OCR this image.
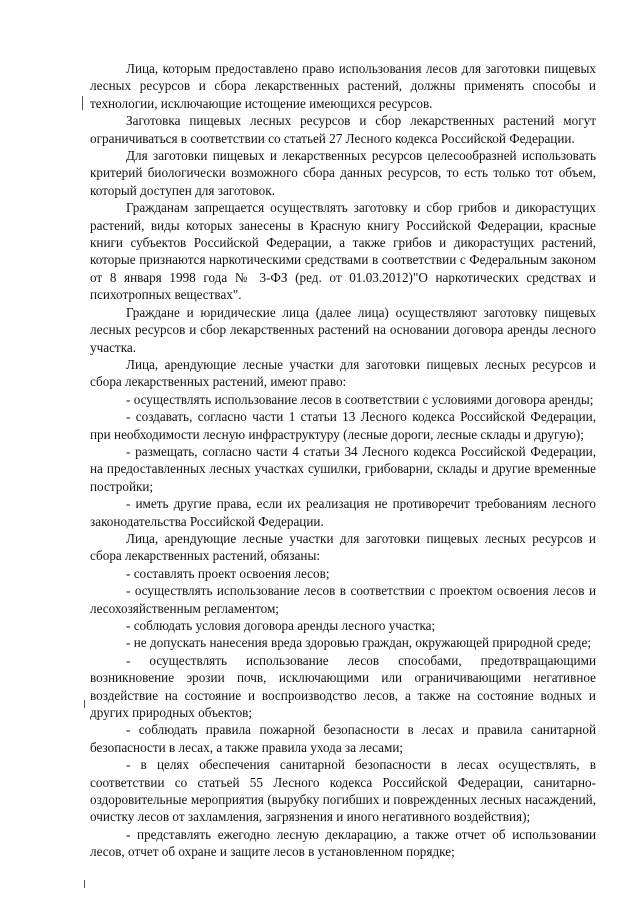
Лица, которым предоставлено право использования лесов для заготовки пищевых лесных ресурсов и сбора лекарственных растений, должны применять способы и технологии, исключающие истощение имеющихся ресурсов.

Заготовка пищевых лесных ресурсов и сбор лекарственных растений могут ограничиваться в соответствии со статьей 27 Лесного кодекса Российской Федерации.

Для заготовки пищевых и лекарственных ресурсов целесообразней использовать критерий биологически возможного сбора данных ресурсов, то есть только тот объем, который доступен для заготовок.

Гражданам запрещается осуществлять заготовку и сбор грибов и дикорастущих растений, виды которых занесены в Красную книгу Российской Федерации, красные книги субъектов Российской Федерации, а также грибов и дикорастущих растений, которые признаются наркотическими средствами в соответствии с Федеральным законом от 8 января 1998 года № 3-ФЗ (ред. от 01.03.2012)"О наркотических средствах и психотропных веществах".

Граждане и юридические лица (далее лица) осуществляют заготовку пищевых лесных ресурсов и сбор лекарственных растений на основании договора аренды лесного участка.

Лица, арендующие лесные участки для заготовки пищевых лесных ресурсов и сбора лекарственных растений, имеют право:

- осуществлять использование лесов в соответствии с условиями договора аренды;

- создавать, согласно части 1 статьи 13 Лесного кодекса Российской Федерации, при необходимости лесную инфраструктуру (лесные дороги, лесные склады и другую);

- размещать, согласно части 4 статьи 34 Лесного кодекса Российской Федерации, на предоставленных лесных участках сушилки, грибоварни, склады и другие временные постройки;

- иметь другие права, если их реализация не противоречит требованиям лесного законодательства Российской Федерации.

Лица, арендующие лесные участки для заготовки пищевых лесных ресурсов и сбора лекарственных растений, обязаны:

- составлять проект освоения лесов;

- осуществлять использование лесов в соответствии с проектом освоения лесов и лесохозяйственным регламентом;

- соблюдать условия договора аренды лесного участка;

- не допускать нанесения вреда здоровью граждан, окружающей природной среде;

- осуществлять использование лесов способами, предотвращающими возникновение эрозии почв, исключающими или ограничивающими негативное воздействие на состояние и воспроизводство лесов, а также на состояние водных и других природных объектов;

- соблюдать правила пожарной безопасности в лесах и правила санитарной безопасности в лесах, а также правила ухода за лесами;

- в целях обеспечения санитарной безопасности в лесах осуществлять, в соответствии со статьей 55 Лесного кодекса Российской Федерации, санитарно-оздоровительные мероприятия (вырубку погибших и поврежденных лесных насаждений, очистку лесов от захламления, загрязнения и иного негативного воздействия);

- представлять ежегодно лесную декларацию, а также отчет об использовании лесов, отчет об охране и защите лесов в установленном порядке;
